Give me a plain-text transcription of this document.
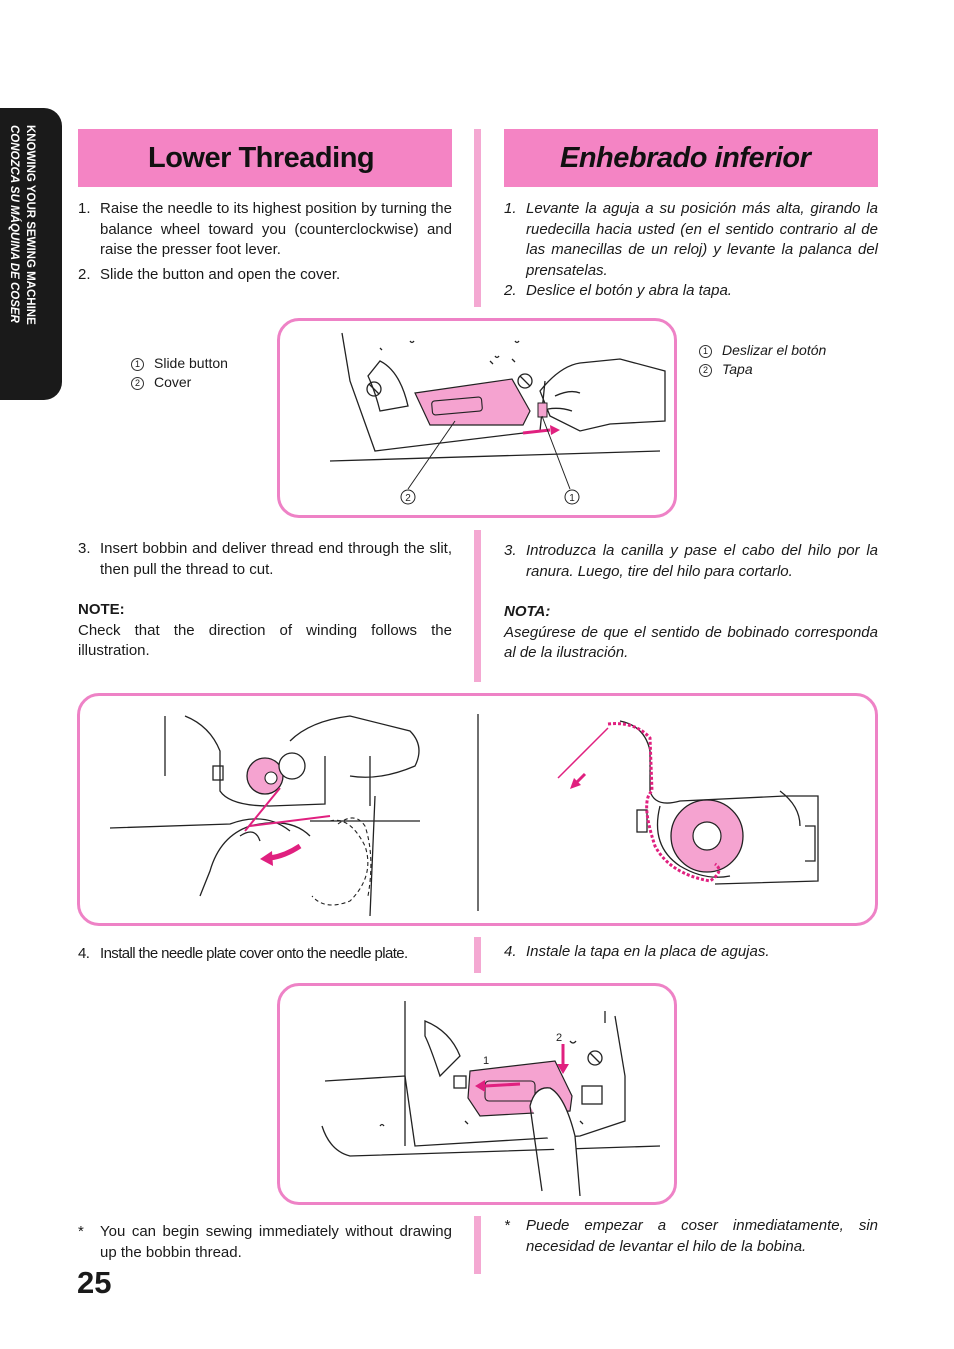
KNOWING YOUR SEWING MACHINE
CONOZCA SU MÁQUINA DE COSER	Lower Threading	Enhebrado inferior
1. Raise the needle to its highest position by turning the balance wheel toward you (counterclockwise) and raise the presser foot lever.
2. Slide the button and open the cover.
1. Levante la aguja a su posición más alta, girando la ruedecilla hacia usted (en el sentido contrario al de las manecillas de un reloj) y levante la palanca del prensatelas.
2. Deslice el botón y abra la tapa.
1 Slide button
2 Cover
1 Deslizar el botón
2 Tapa
2	1
3. Insert bobbin and deliver thread end through the slit, then pull the thread to cut.
NOTE:
Check that the direction of winding follows the illustration.
3. Introduzca la canilla y pase el cabo del hilo por la ranura. Luego, tire del hilo para cortarlo.
NOTA:
Asegúrese de que el sentido de bobinado corresponda al de la ilustración.
4. Install the needle plate cover onto the needle plate.	4. Instale la tapa en la placa de agujas.
1
2
* You can begin sewing immediately without drawing up the bobbin thread.
* Puede empezar a coser inmediatamente, sin necesidad de levantar el hilo de la bobina.
25
